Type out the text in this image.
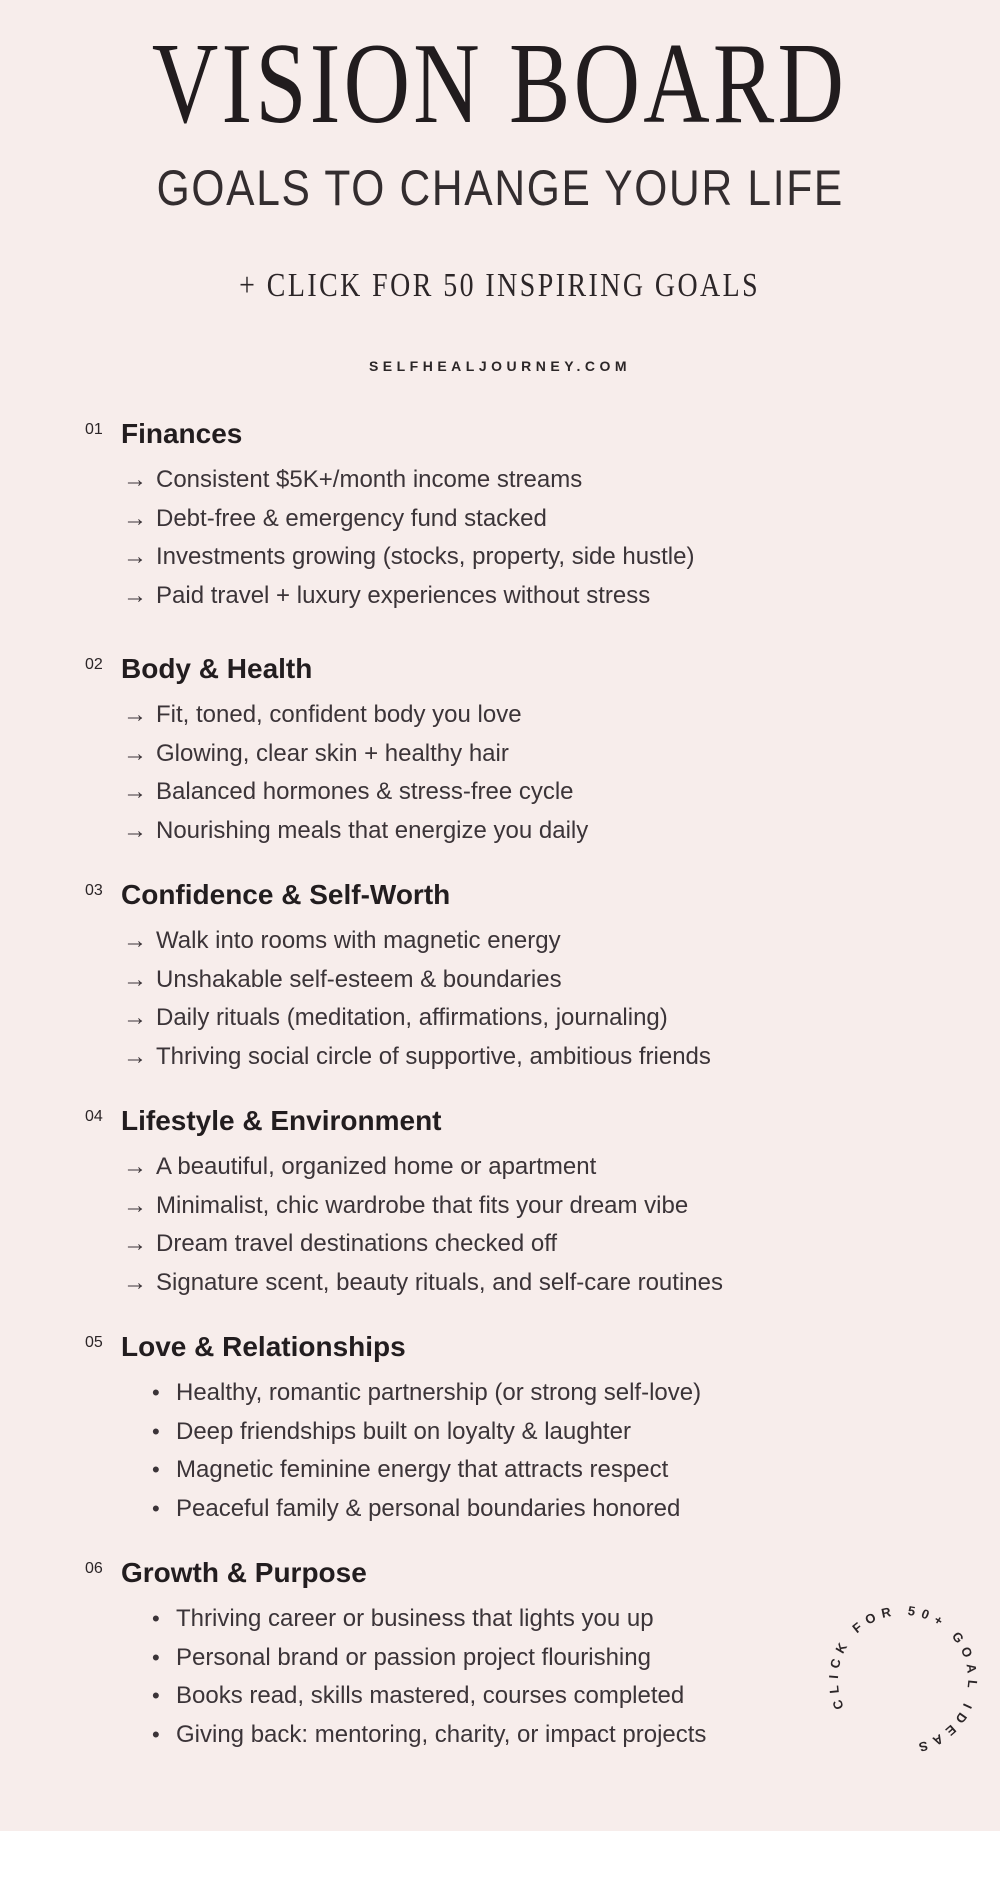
VISION BOARD
GOALS TO CHANGE YOUR LIFE
+ CLICK FOR 50 INSPIRING GOALS
SELFHEALJOURNEY.COM
01 Finances
→ Consistent $5K+/month income streams
→ Debt-free & emergency fund stacked
→ Investments growing (stocks, property, side hustle)
→ Paid travel + luxury experiences without stress
02 Body & Health
→ Fit, toned, confident body you love
→ Glowing, clear skin + healthy hair
→ Balanced hormones & stress-free cycle
→ Nourishing meals that energize you daily
03 Confidence & Self-Worth
→ Walk into rooms with magnetic energy
→ Unshakable self-esteem & boundaries
→ Daily rituals (meditation, affirmations, journaling)
→ Thriving social circle of supportive, ambitious friends
04 Lifestyle & Environment
→ A beautiful, organized home or apartment
→ Minimalist, chic wardrobe that fits your dream vibe
→ Dream travel destinations checked off
→ Signature scent, beauty rituals, and self-care routines
05 Love & Relationships
• Healthy, romantic partnership (or strong self-love)
• Deep friendships built on loyalty & laughter
• Magnetic feminine energy that attracts respect
• Peaceful family & personal boundaries honored
06 Growth & Purpose
• Thriving career or business that lights you up
• Personal brand or passion project flourishing
• Books read, skills mastered, courses completed
• Giving back: mentoring, charity, or impact projects
CLICK FOR 50+ GOAL IDEAS
